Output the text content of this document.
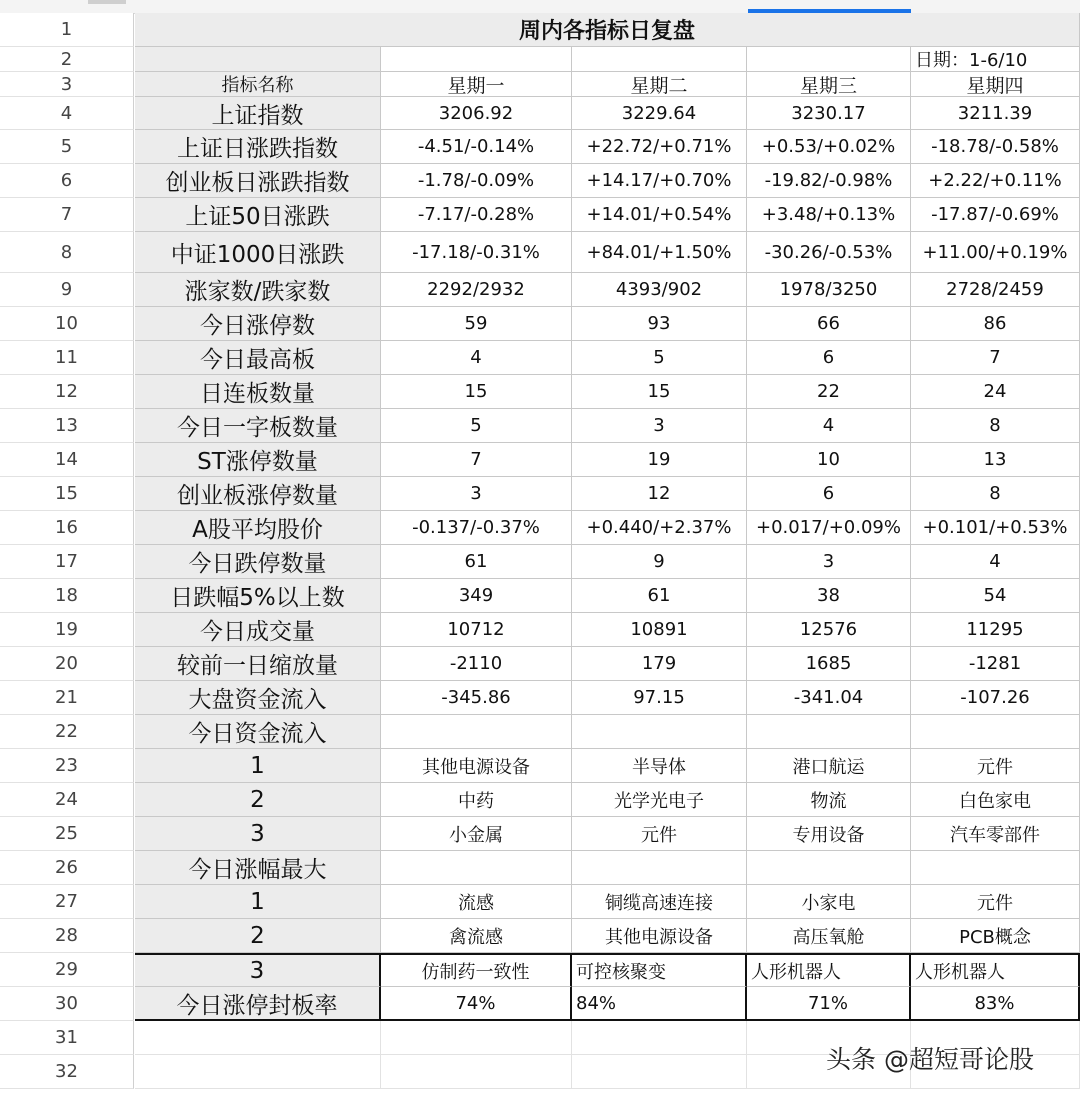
1
2
3
4
5
6
7
8
9
10
11
12
13
14
15
16
17
18
19
20
21
22
23
24
25
26
27
28
29
30
31
32
周内各指标日复盘
日期：1-6/10
指标名称	星期一	星期二	星期三	星期四
上证指数	3206.92	3229.64	3230.17	3211.39
上证日涨跌指数	-4.51/-0.14%	+22.72/+0.71%	+0.53/+0.02%	-18.78/-0.58%
创业板日涨跌指数	-1.78/-0.09%	+14.17/+0.70%	-19.82/-0.98%	+2.22/+0.11%
上证50日涨跌	-7.17/-0.28%	+14.01/+0.54%	+3.48/+0.13%	-17.87/-0.69%
中证1000日涨跌	-17.18/-0.31%	+84.01/+1.50%	-30.26/-0.53%	+11.00/+0.19%
涨家数/跌家数	2292/2932	4393/902	1978/3250	2728/2459
今日涨停数	59	93	66	86
今日最高板	4	5	6	7
日连板数量	15	15	22	24
今日一字板数量	5	3	4	8
ST涨停数量	7	19	10	13
创业板涨停数量	3	12	6	8
A股平均股价	-0.137/-0.37%	+0.440/+2.37%	+0.017/+0.09%	+0.101/+0.53%
今日跌停数量	61	9	3	4
日跌幅5%以上数	349	61	38	54
今日成交量	10712	10891	12576	11295
较前一日缩放量	-2110	179	1685	-1281
大盘资金流入	-345.86	97.15	-341.04	-107.26
今日资金流入
1	其他电源设备	半导体	港口航运	元件
2	中药	光学光电子	物流	白色家电
3	小金属	元件	专用设备	汽车零部件
今日涨幅最大
1	流感	铜缆高速连接	小家电	元件
2	禽流感	其他电源设备	高压氧舱	PCB概念
3	仿制药一致性	可控核聚变	人形机器人	人形机器人
今日涨停封板率	74%	84%	71%	83%
头条 @超短哥论股
